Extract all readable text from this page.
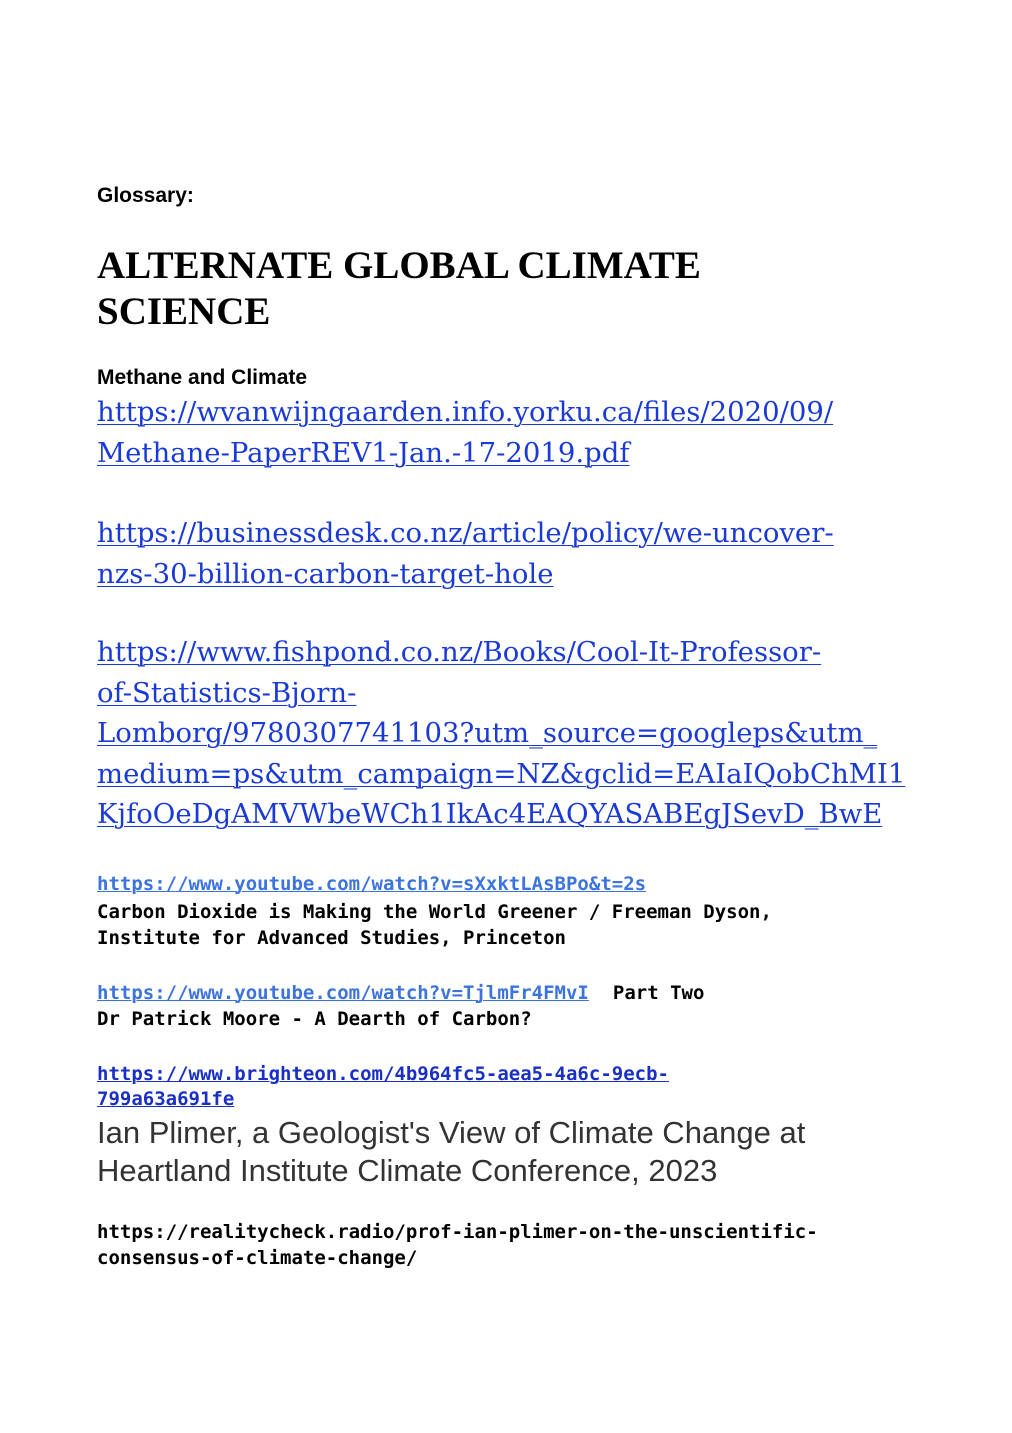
Glossary:
ALTERNATE GLOBAL CLIMATE SCIENCE
Methane and Climate
https://wvanwijngaarden.info.yorku.ca/files/2020/09/
Methane-PaperREV1-Jan.-17-2019.pdf
https://businessdesk.co.nz/article/policy/we-uncover-
nzs-30-billion-carbon-target-hole
https://www.fishpond.co.nz/Books/Cool-It-Professor-
of-Statistics-Bjorn-
Lomborg/9780307741103?utm_source=googleps&utm_
medium=ps&utm_campaign=NZ&gclid=EAIaIQobChMI1
KjfoOeDgAMVWbeWCh1IkAc4EAQYASABEgJSevD_BwE
https://www.youtube.com/watch?v=sXxktLAsBPo&t=2s
Carbon Dioxide is Making the World Greener / Freeman Dyson,
Institute for Advanced Studies, Princeton
https://www.youtube.com/watch?v=TjlmFr4FMvI Part Two
Dr Patrick Moore - A Dearth of Carbon?
https://www.brighteon.com/4b964fc5-aea5-4a6c-9ecb-
799a63a691fe
Ian Plimer, a Geologist's View of Climate Change at
Heartland Institute Climate Conference, 2023
https://realitycheck.radio/prof-ian-plimer-on-the-unscientific-
consensus-of-climate-change/
